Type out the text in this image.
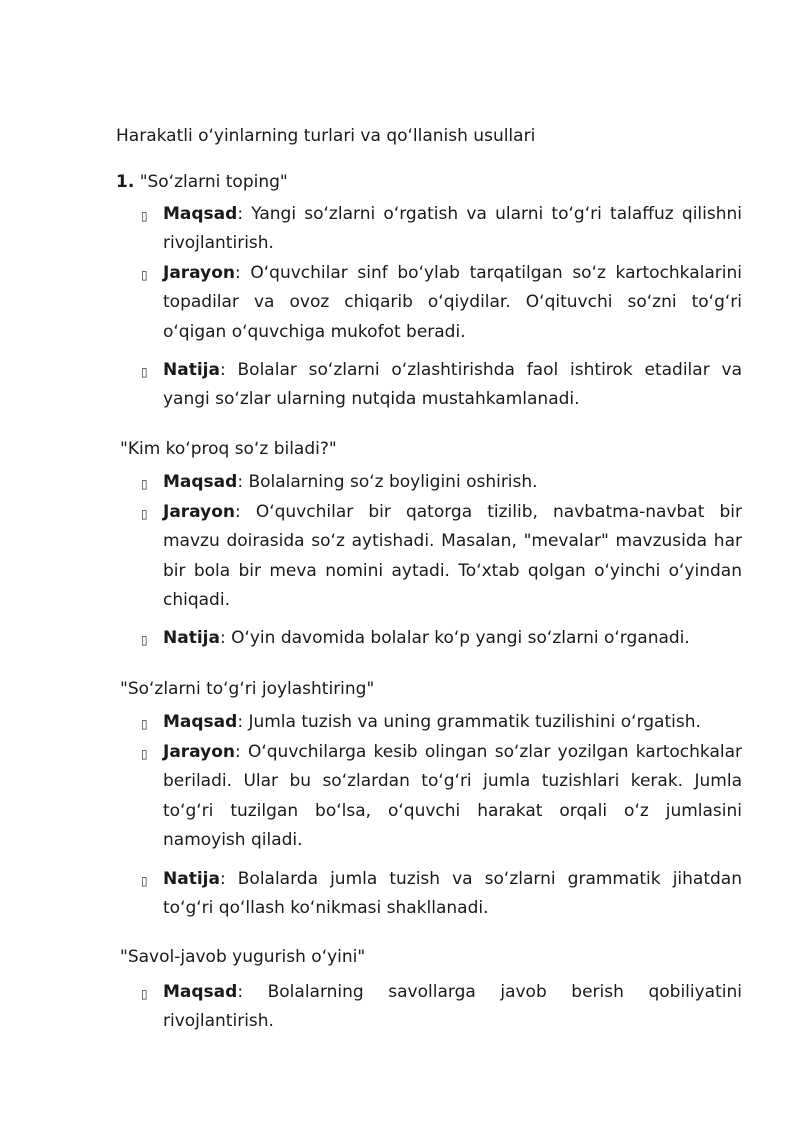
Harakatli o‘yinlarning turlari va qo‘llanish usullari
1. "So‘zlarni toping"
▯ Maqsad: Yangi so‘zlarni o‘rgatish va ularni to‘g‘ri talaffuz qilishni rivojlantirish.
▯ Jarayon: O‘quvchilar sinf bo‘ylab tarqatilgan so‘z kartochkalarini topadilar va ovoz chiqarib o‘qiydilar. O‘qituvchi so‘zni to‘g‘ri o‘qigan o‘quvchiga mukofot beradi.
▯ Natija: Bolalar so‘zlarni o‘zlashtirishda faol ishtirok etadilar va yangi so‘zlar ularning nutqida mustahkamlanadi.
"Kim ko‘proq so‘z biladi?"
▯ Maqsad: Bolalarning so‘z boyligini oshirish.
▯ Jarayon: O‘quvchilar bir qatorga tizilib, navbatma-navbat bir mavzu doirasida so‘z aytishadi. Masalan, "mevalar" mavzusida har bir bola bir meva nomini aytadi. To‘xtab qolgan o‘yinchi o‘yindan chiqadi.
▯ Natija: O‘yin davomida bolalar ko‘p yangi so‘zlarni o‘rganadi.
"So‘zlarni to‘g‘ri joylashtiring"
▯ Maqsad: Jumla tuzish va uning grammatik tuzilishini o‘rgatish.
▯ Jarayon: O‘quvchilarga kesib olingan so‘zlar yozilgan kartochkalar beriladi. Ular bu so‘zlardan to‘g‘ri jumla tuzishlari kerak. Jumla to‘g‘ri tuzilgan bo‘lsa, o‘quvchi harakat orqali o‘z jumlasini namoyish qiladi.
▯ Natija: Bolalarda jumla tuzish va so‘zlarni grammatik jihatdan to‘g‘ri qo‘llash ko‘nikmasi shakllanadi.
"Savol-javob yugurish o‘yini"
▯ Maqsad: Bolalarning savollarga javob berish qobiliyatini rivojlantirish.
